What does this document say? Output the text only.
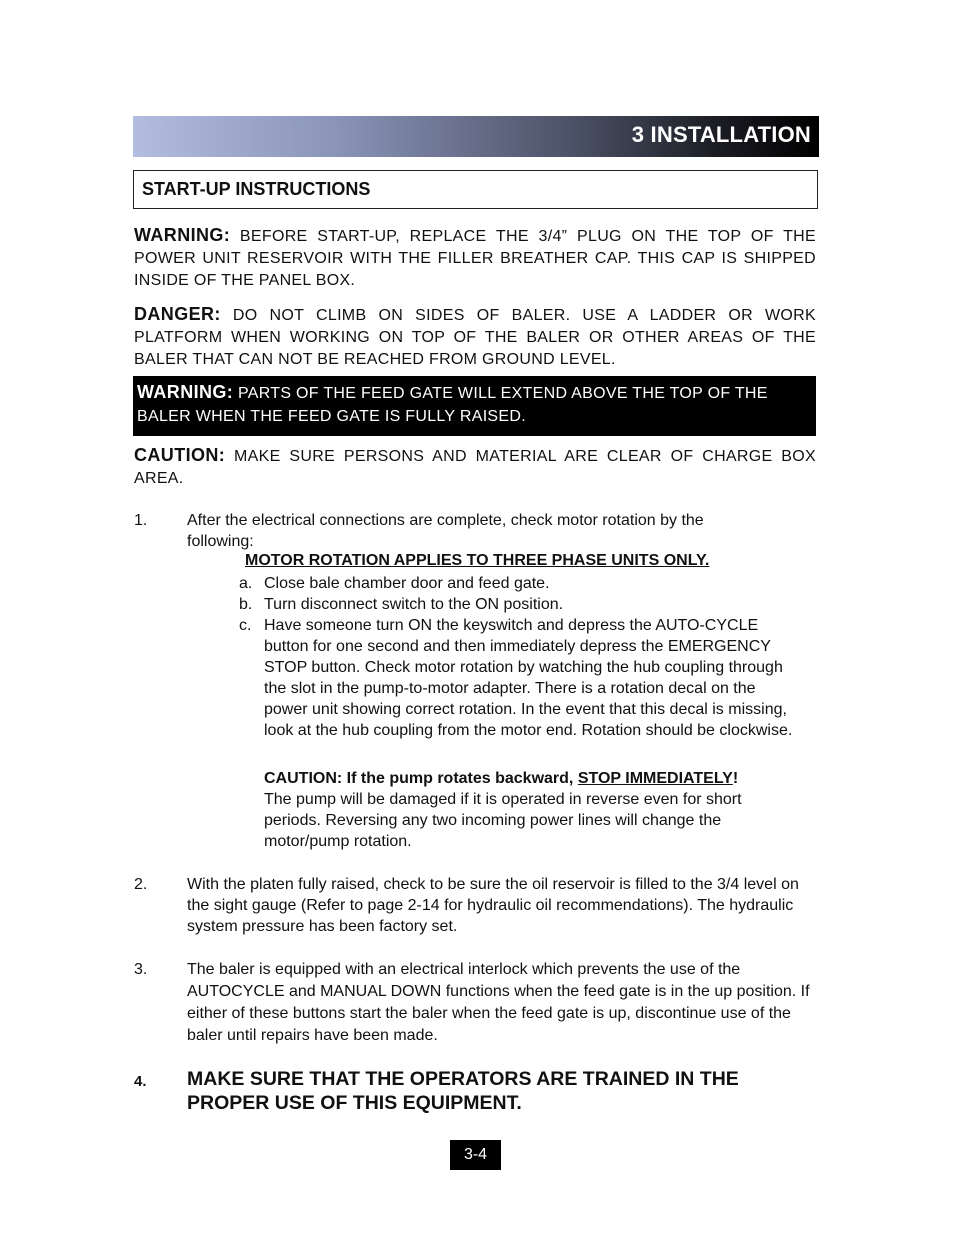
3 INSTALLATION
START-UP INSTRUCTIONS
WARNING: BEFORE START-UP, REPLACE THE 3/4” PLUG ON THE TOP OF THE POWER UNIT RESERVOIR WITH THE FILLER BREATHER CAP. THIS CAP IS SHIPPED INSIDE OF THE PANEL BOX.
DANGER: DO NOT CLIMB ON SIDES OF BALER. USE A LADDER OR WORK PLATFORM WHEN WORKING ON TOP OF THE BALER OR OTHER AREAS OF THE BALER THAT CAN NOT BE REACHED FROM GROUND LEVEL.
WARNING: PARTS OF THE FEED GATE WILL EXTEND ABOVE THE TOP OF THE BALER WHEN THE FEED GATE IS FULLY RAISED.
CAUTION: MAKE SURE PERSONS AND MATERIAL ARE CLEAR OF CHARGE BOX AREA.
1. After the electrical connections are complete, check motor rotation by the following:
MOTOR ROTATION APPLIES TO THREE PHASE UNITS ONLY.
a. Close bale chamber door and feed gate.
b. Turn disconnect switch to the ON position.
c. Have someone turn ON the keyswitch and depress the AUTO-CYCLE button for one second and then immediately depress the EMERGENCY STOP button. Check motor rotation by watching the hub coupling through the slot in the pump-to-motor adapter. There is a rotation decal on the power unit showing correct rotation. In the event that this decal is missing, look at the hub coupling from the motor end. Rotation should be clockwise.
CAUTION: If the pump rotates backward, STOP IMMEDIATELY!
The pump will be damaged if it is operated in reverse even for short periods. Reversing any two incoming power lines will change the motor/pump rotation.
2. With the platen fully raised, check to be sure the oil reservoir is filled to the 3/4 level on the sight gauge (Refer to page 2-14 for hydraulic oil recommendations). The hydraulic system pressure has been factory set.
3. The baler is equipped with an electrical interlock which prevents the use of the AUTOCYCLE and MANUAL DOWN functions when the feed gate is in the up position. If either of these buttons start the baler when the feed gate is up, discontinue use of the baler until repairs have been made.
4. MAKE SURE THAT THE OPERATORS ARE TRAINED IN THE PROPER USE OF THIS EQUIPMENT.
3-4
